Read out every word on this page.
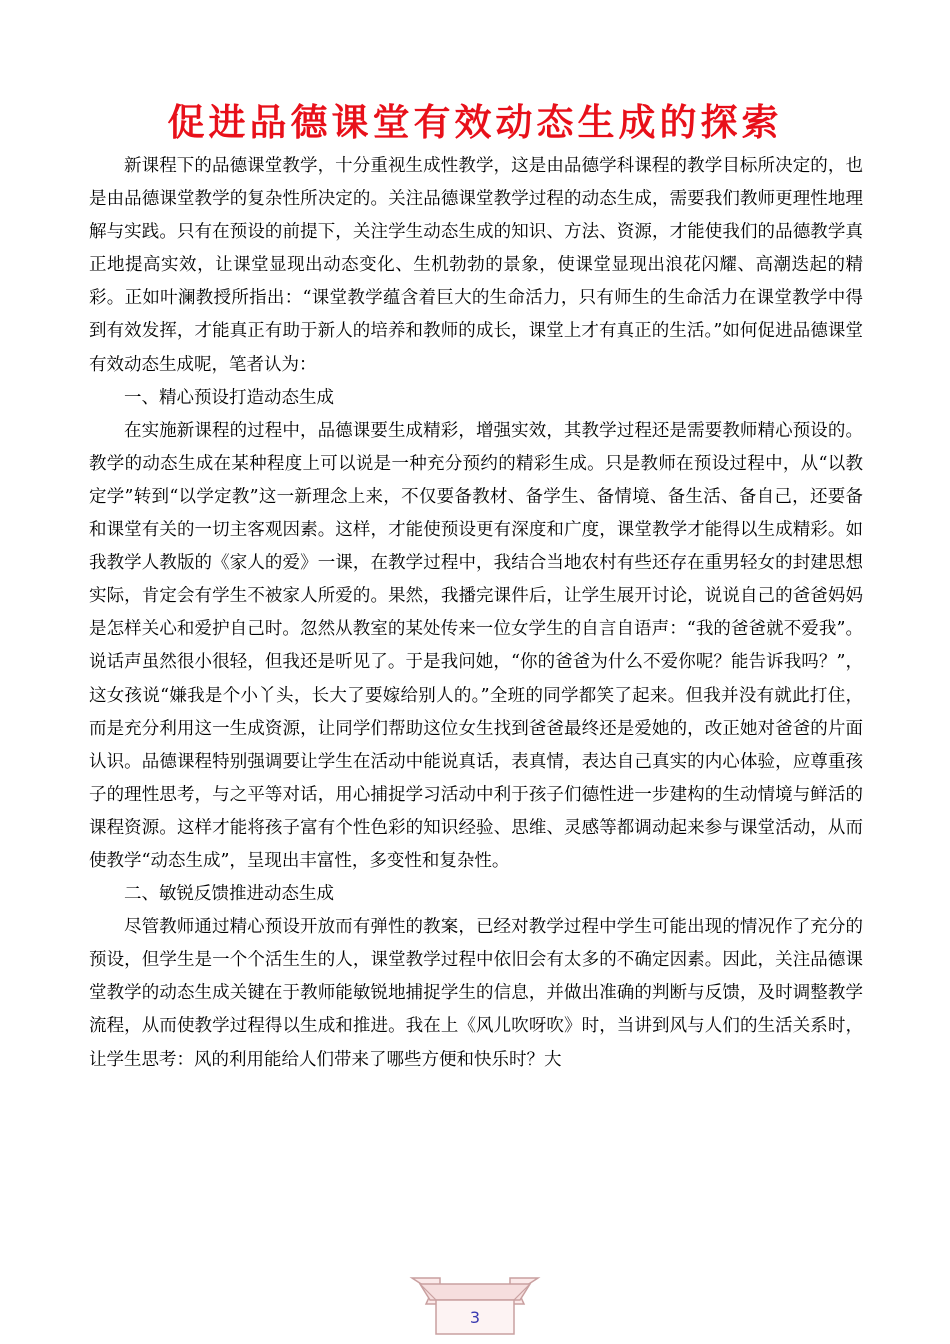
促进品德课堂有效动态生成的探索

新课程下的品德课堂教学，十分重视生成性教学，这是由品德学科课程的教学目标所决定的，也是由品德课堂教学的复杂性所决定的。关注品德课堂教学过程的动态生成，需要我们教师更理性地理解与实践。只有在预设的前提下，关注学生动态生成的知识、方法、资源，才能使我们的品德教学真正地提高实效，让课堂显现出动态变化、生机勃勃的景象，使课堂显现出浪花闪耀、高潮迭起的精彩。正如叶澜教授所指出：“课堂教学蕴含着巨大的生命活力，只有师生的生命活力在课堂教学中得到有效发挥，才能真正有助于新人的培养和教师的成长，课堂上才有真正的生活。”如何促进品德课堂有效动态生成呢，笔者认为：

一、精心预设打造动态生成

在实施新课程的过程中，品德课要生成精彩，增强实效，其教学过程还是需要教师精心预设的。教学的动态生成在某种程度上可以说是一种充分预约的精彩生成。只是教师在预设过程中，从“以教定学”转到“以学定教”这一新理念上来，不仅要备教材、备学生、备情境、备生活、备自己，还要备和课堂有关的一切主客观因素。这样，才能使预设更有深度和广度，课堂教学才能得以生成精彩。如我教学人教版的《家人的爱》一课，在教学过程中，我结合当地农村有些还存在重男轻女的封建思想实际，肯定会有学生不被家人所爱的。果然，我播完课件后，让学生展开讨论，说说自己的爸爸妈妈是怎样关心和爱护自己时。忽然从教室的某处传来一位女学生的自言自语声：“我的爸爸就不爱我”。说话声虽然很小很轻，但我还是听见了。于是我问她，“你的爸爸为什么不爱你呢？能告诉我吗？”，这女孩说“嫌我是个小丫头，长大了要嫁给别人的。”全班的同学都笑了起来。但我并没有就此打住，而是充分利用这一生成资源，让同学们帮助这位女生找到爸爸最终还是爱她的，改正她对爸爸的片面认识。品德课程特别强调要让学生在活动中能说真话，表真情，表达自己真实的内心体验，应尊重孩子的理性思考，与之平等对话，用心捕捉学习活动中利于孩子们德性进一步建构的生动情境与鲜活的课程资源。这样才能将孩子富有个性色彩的知识经验、思维、灵感等都调动起来参与课堂活动，从而使教学“动态生成”，呈现出丰富性，多变性和复杂性。

二、敏锐反馈推进动态生成

尽管教师通过精心预设开放而有弹性的教案，已经对教学过程中学生可能出现的情况作了充分的预设，但学生是一个个活生生的人，课堂教学过程中依旧会有太多的不确定因素。因此，关注品德课堂教学的动态生成关键在于教师能敏锐地捕捉学生的信息，并做出准确的判断与反馈，及时调整教学流程，从而使教学过程得以生成和推进。我在上《风儿吹呀吹》时，当讲到风与人们的生活关系时，让学生思考：风的利用能给人们带来了哪些方便和快乐时？大

3
